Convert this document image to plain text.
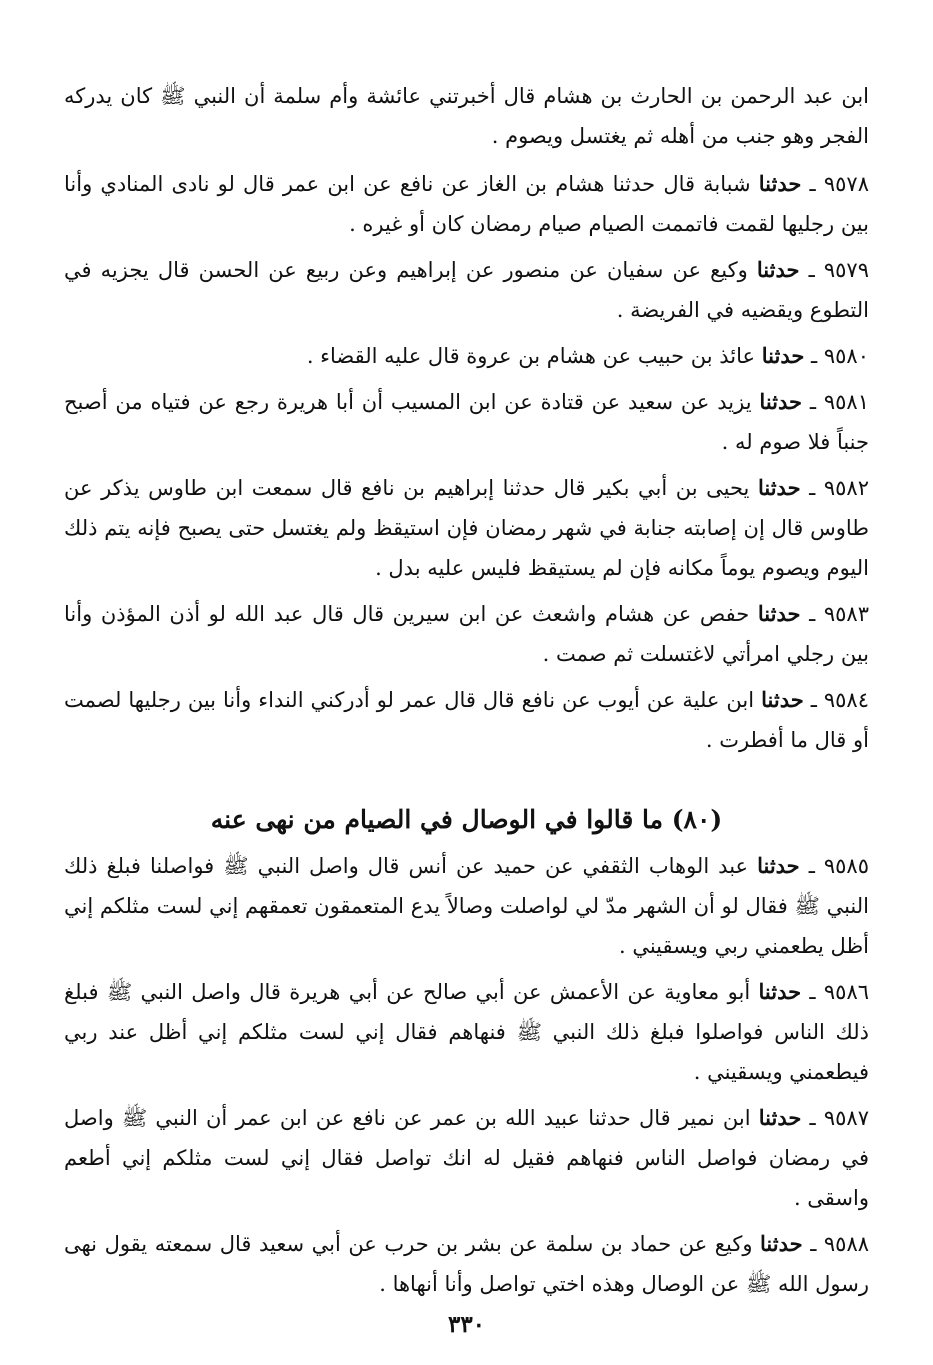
ابن عبد الرحمن بن الحارث بن هشام قال أخبرتني عائشة وأم سلمة أن النبي ﷺ كان يدركه الفجر وهو جنب من أهله ثم يغتسل ويصوم .

٩٥٧٨ ـ حدثنا شبابة قال حدثنا هشام بن الغاز عن نافع عن ابن عمر قال لو نادى المنادي وأنا بين رجليها لقمت فاتممت الصيام صيام رمضان كان أو غيره .

٩٥٧٩ ـ حدثنا وكيع عن سفيان عن منصور عن إبراهيم وعن ربيع عن الحسن قال يجزيه في التطوع ويقضيه في الفريضة .

٩٥٨٠ ـ حدثنا عائذ بن حبيب عن هشام بن عروة قال عليه القضاء .

٩٥٨١ ـ حدثنا يزيد عن سعيد عن قتادة عن ابن المسيب أن أبا هريرة رجع عن فتياه من أصبح جنباً فلا صوم له .

٩٥٨٢ ـ حدثنا يحيى بن أبي بكير قال حدثنا إبراهيم بن نافع قال سمعت ابن طاوس يذكر عن طاوس قال إن إصابته جنابة في شهر رمضان فإن استيقظ ولم يغتسل حتى يصبح فإنه يتم ذلك اليوم ويصوم يوماً مكانه فإن لم يستيقظ فليس عليه بدل .

٩٥٨٣ ـ حدثنا حفص عن هشام واشعث عن ابن سيرين قال قال عبد الله لو أذن المؤذن وأنا بين رجلي امرأتي لاغتسلت ثم صمت .

٩٥٨٤ ـ حدثنا ابن علية عن أيوب عن نافع قال قال عمر لو أدركني النداء وأنا بين رجليها لصمت أو قال ما أفطرت .

(٨٠) ما قالوا في الوصال في الصيام من نهى عنه

٩٥٨٥ ـ حدثنا عبد الوهاب الثقفي عن حميد عن أنس قال واصل النبي ﷺ فواصلنا فبلغ ذلك النبي ﷺ فقال لو أن الشهر مدّ لي لواصلت وصالاً يدع المتعمقون تعمقهم إني لست مثلكم إني أظل يطعمني ربي ويسقيني .

٩٥٨٦ ـ حدثنا أبو معاوية عن الأعمش عن أبي صالح عن أبي هريرة قال واصل النبي ﷺ فبلغ ذلك الناس فواصلوا فبلغ ذلك النبي ﷺ فنهاهم فقال إني لست مثلكم إني أظل عند ربي فيطعمني ويسقيني .

٩٥٨٧ ـ حدثنا ابن نمير قال حدثنا عبيد الله بن عمر عن نافع عن ابن عمر أن النبي ﷺ واصل في رمضان فواصل الناس فنهاهم فقيل له انك تواصل فقال إني لست مثلكم إني أطعم واسقى .

٩٥٨٨ ـ حدثنا وكيع عن حماد بن سلمة عن بشر بن حرب عن أبي سعيد قال سمعته يقول نهى رسول الله ﷺ عن الوصال وهذه اختي تواصل وأنا أنهاها .

٣٣٠
